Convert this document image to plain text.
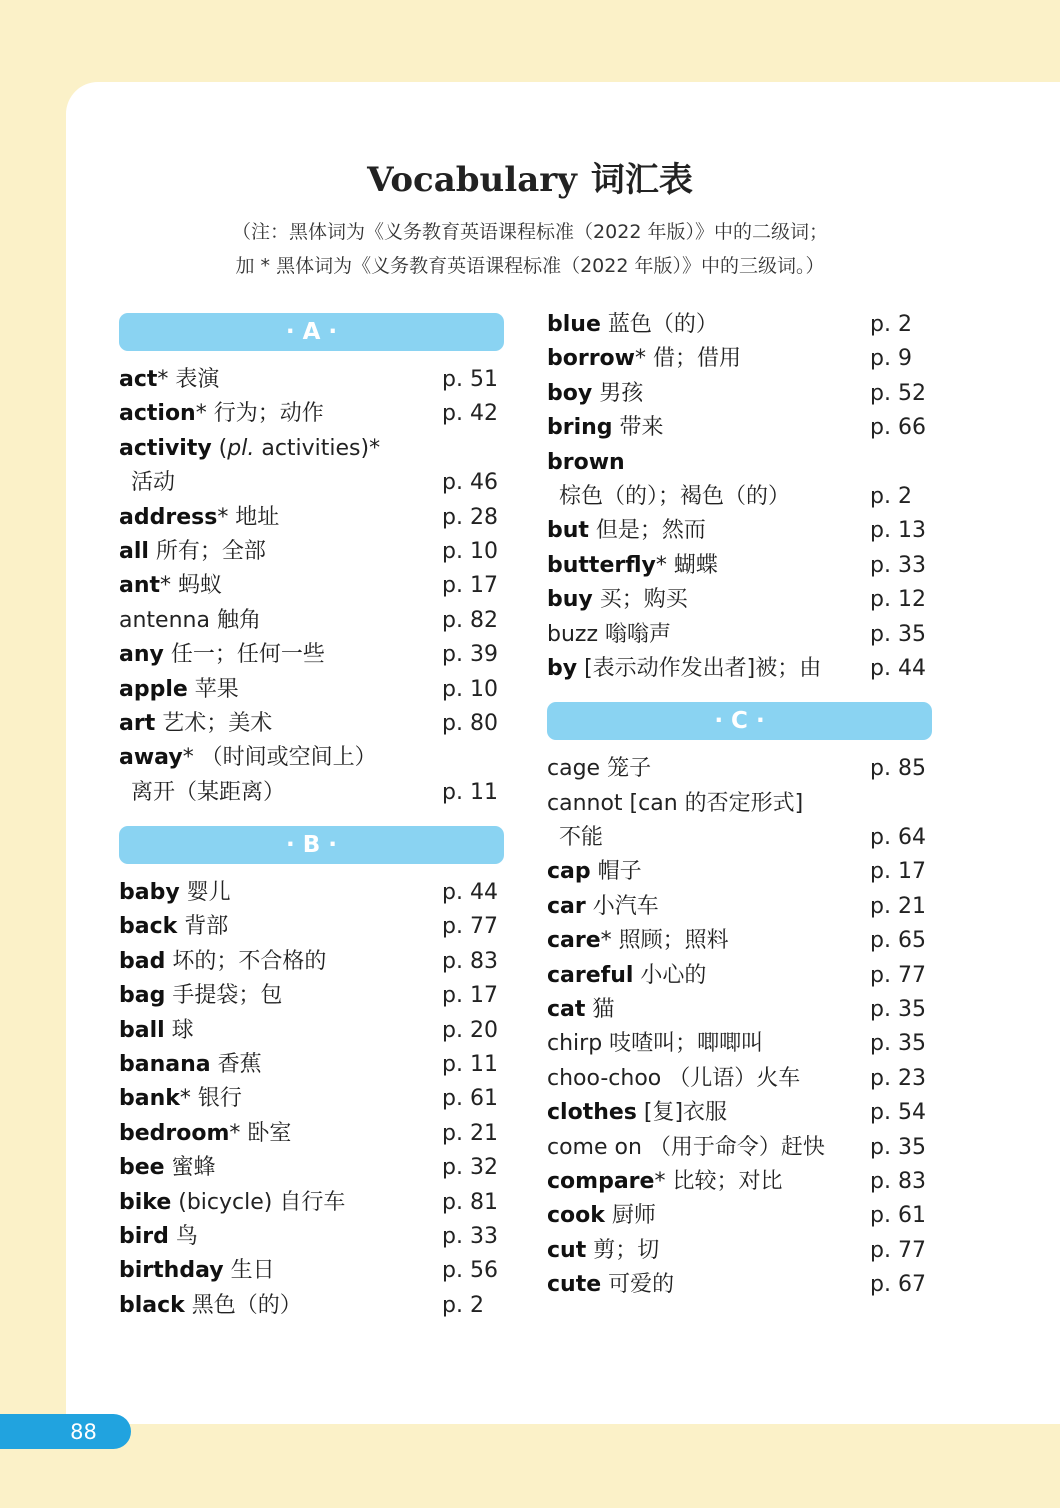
Vocabulary 词汇表
（注：黑体词为《义务教育英语课程标准（2022 年版）》中的二级词；
加 * 黑体词为《义务教育英语课程标准（2022 年版）》中的三级词。）
· A ·
act* 表演	p. 51
action* 行为；动作	p. 42
activity (pl. activities)*
活动	p. 46
address* 地址	p. 28
all 所有；全部	p. 10
ant* 蚂蚁	p. 17
antenna 触角	p. 82
any 任一；任何一些	p. 39
apple 苹果	p. 10
art 艺术；美术	p. 80
away* （时间或空间上）
离开（某距离）	p. 11
· B ·
baby 婴儿	p. 44
back 背部	p. 77
bad 坏的；不合格的	p. 83
bag 手提袋；包	p. 17
ball 球	p. 20
banana 香蕉	p. 11
bank* 银行	p. 61
bedroom* 卧室	p. 21
bee 蜜蜂	p. 32
bike (bicycle) 自行车	p. 81
bird 鸟	p. 33
birthday 生日	p. 56
black 黑色（的）	p. 2
blue 蓝色（的）	p. 2
borrow* 借；借用	p. 9
boy 男孩	p. 52
bring 带来	p. 66
brown
棕色（的）；褐色（的）	p. 2
but 但是；然而	p. 13
butterfly* 蝴蝶	p. 33
buy 买；购买	p. 12
buzz 嗡嗡声	p. 35
by [表示动作发出者]被；由 p. 44
· C ·
cage 笼子	p. 85
cannot [can 的否定形式]
不能	p. 64
cap 帽子	p. 17
car 小汽车	p. 21
care* 照顾；照料	p. 65
careful 小心的	p. 77
cat 猫	p. 35
chirp 吱喳叫；唧唧叫	p. 35
choo-choo （儿语）火车	p. 23
clothes [复]衣服	p. 54
come on （用于命令）赶快 p. 35
compare* 比较；对比	p. 83
cook 厨师	p. 61
cut 剪；切	p. 77
cute 可爱的	p. 67
88
